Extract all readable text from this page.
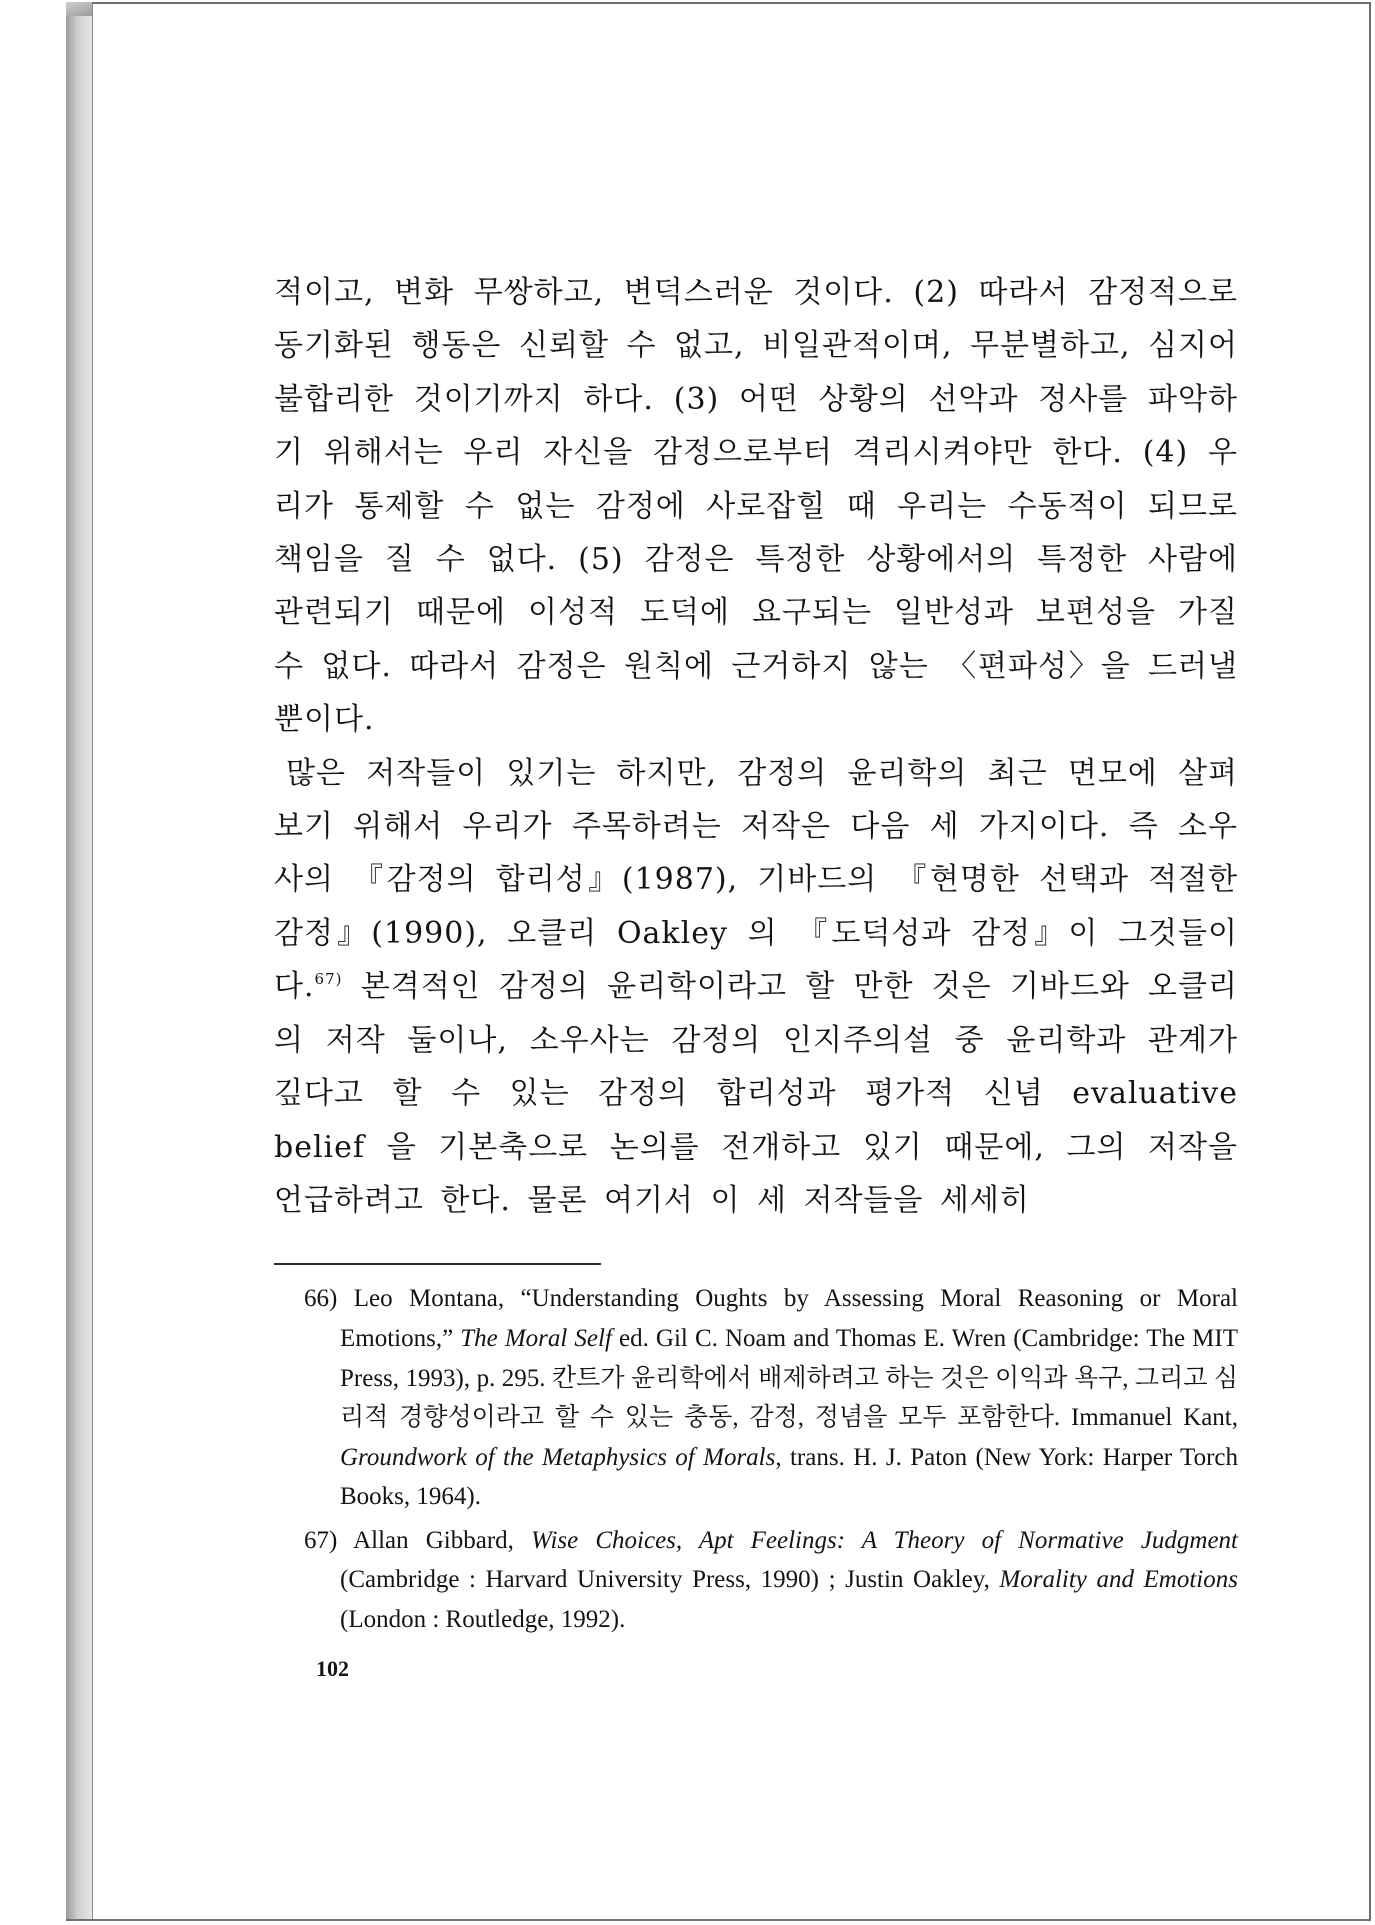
적이고, 변화 무쌍하고, 변덕스러운 것이다. (2) 따라서 감정적으로 동기화된 행동은 신뢰할 수 없고, 비일관적이며, 무분별하고, 심지어 불합리한 것이기까지 하다. (3) 어떤 상황의 선악과 정사를 파악하기 위해서는 우리 자신을 감정으로부터 격리시켜야만 한다. (4) 우리가 통제할 수 없는 감정에 사로잡힐 때 우리는 수동적이 되므로 책임을 질 수 없다. (5) 감정은 특정한 상황에서의 특정한 사람에 관련되기 때문에 이성적 도덕에 요구되는 일반성과 보편성을 가질 수 없다. 따라서 감정은 원칙에 근거하지 않는 〈편파성〉을 드러낼 뿐이다.

많은 저작들이 있기는 하지만, 감정의 윤리학의 최근 면모에 살펴보기 위해서 우리가 주목하려는 저작은 다음 세 가지이다. 즉 소우사의 『감정의 합리성』(1987), 기바드의 『현명한 선택과 적절한 감정』(1990), 오클리 Oakley 의 『도덕성과 감정』이 그것들이다.$^{67)}$ 본격적인 감정의 윤리학이라고 할 만한 것은 기바드와 오클리의 저작 둘이나, 소우사는 감정의 인지주의설 중 윤리학과 관계가 깊다고 할 수 있는 감정의 합리성과 평가적 신념 evaluative belief 을 기본축으로 논의를 전개하고 있기 때문에, 그의 저작을 언급하려고 한다. 물론 여기서 이 세 저작들을 세세히

66) Leo Montana, “Understanding Oughts by Assessing Moral Reasoning or Moral Emotions,” The Moral Self ed. Gil C. Noam and Thomas E. Wren (Cambridge: The MIT Press, 1993), p. 295. 칸트가 윤리학에서 배제하려고 하는 것은 이익과 욕구, 그리고 심리적 경향성이라고 할 수 있는 충동, 감정, 정념을 모두 포함한다. Immanuel Kant, Groundwork of the Metaphysics of Morals, trans. H. J. Paton (New York: Harper Torch Books, 1964).

67) Allan Gibbard, Wise Choices, Apt Feelings: A Theory of Normative Judgment (Cambridge : Harvard University Press, 1990) ; Justin Oakley, Morality and Emotions (London : Routledge, 1992).

102
